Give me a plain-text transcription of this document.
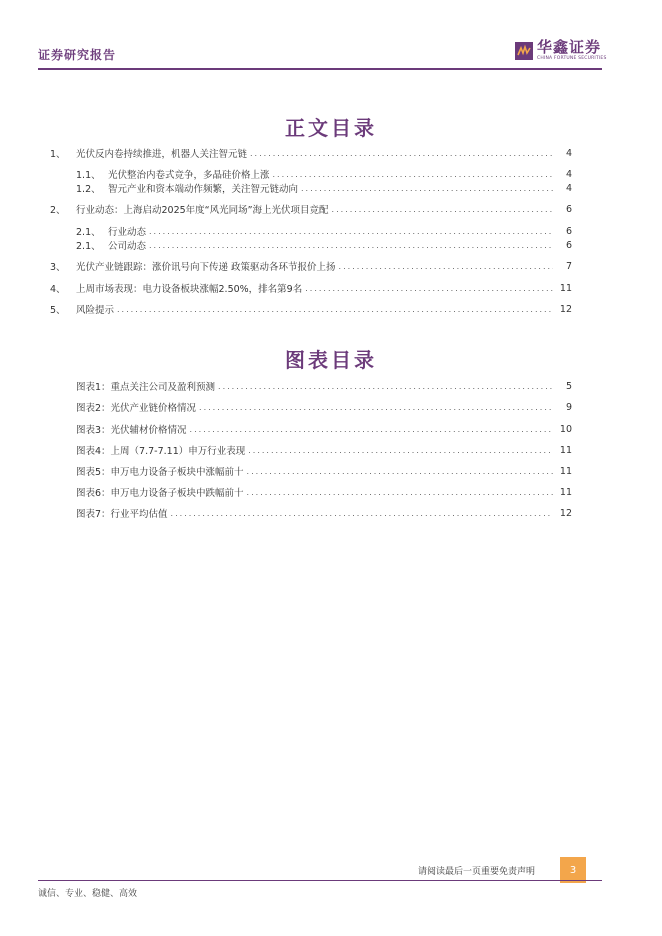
证券研究报告	华鑫证券
CHINA FORTUNE SECURITIES
正文目录
1、	光伏反内卷持续推进，机器人关注智元链 .....	4
1.1、 光伏整治内卷式竞争，多晶硅价格上涨 .....	4
1.2、 智元产业和资本端动作频繁，关注智元链动向 .....	4
2、	行业动态：上海启动2025年度“风光同场”海上光伏项目竞配 .....	6
2.1、 行业动态 .....	6
2.1、 公司动态 .....	6
3、	光伏产业链跟踪：涨价讯号向下传递 政策驱动各环节报价上扬 .....	7
4、	上周市场表现：电力设备板块涨幅2.50%，排名第9名 .....	11
5、	风险提示 .....	12
图表目录
图表1：重点关注公司及盈利预测 .....	5
图表2：光伏产业链价格情况 .....	9
图表3：光伏辅材价格情况 .....	10
图表4：上周（7.7-7.11）申万行业表现 .....	11
图表5：申万电力设备子板块中涨幅前十 .....	11
图表6：申万电力设备子板块中跌幅前十 .....	11
图表7：行业平均估值 .....	12
请阅读最后一页重要免责声明	3
诚信、专业、稳健、高效
